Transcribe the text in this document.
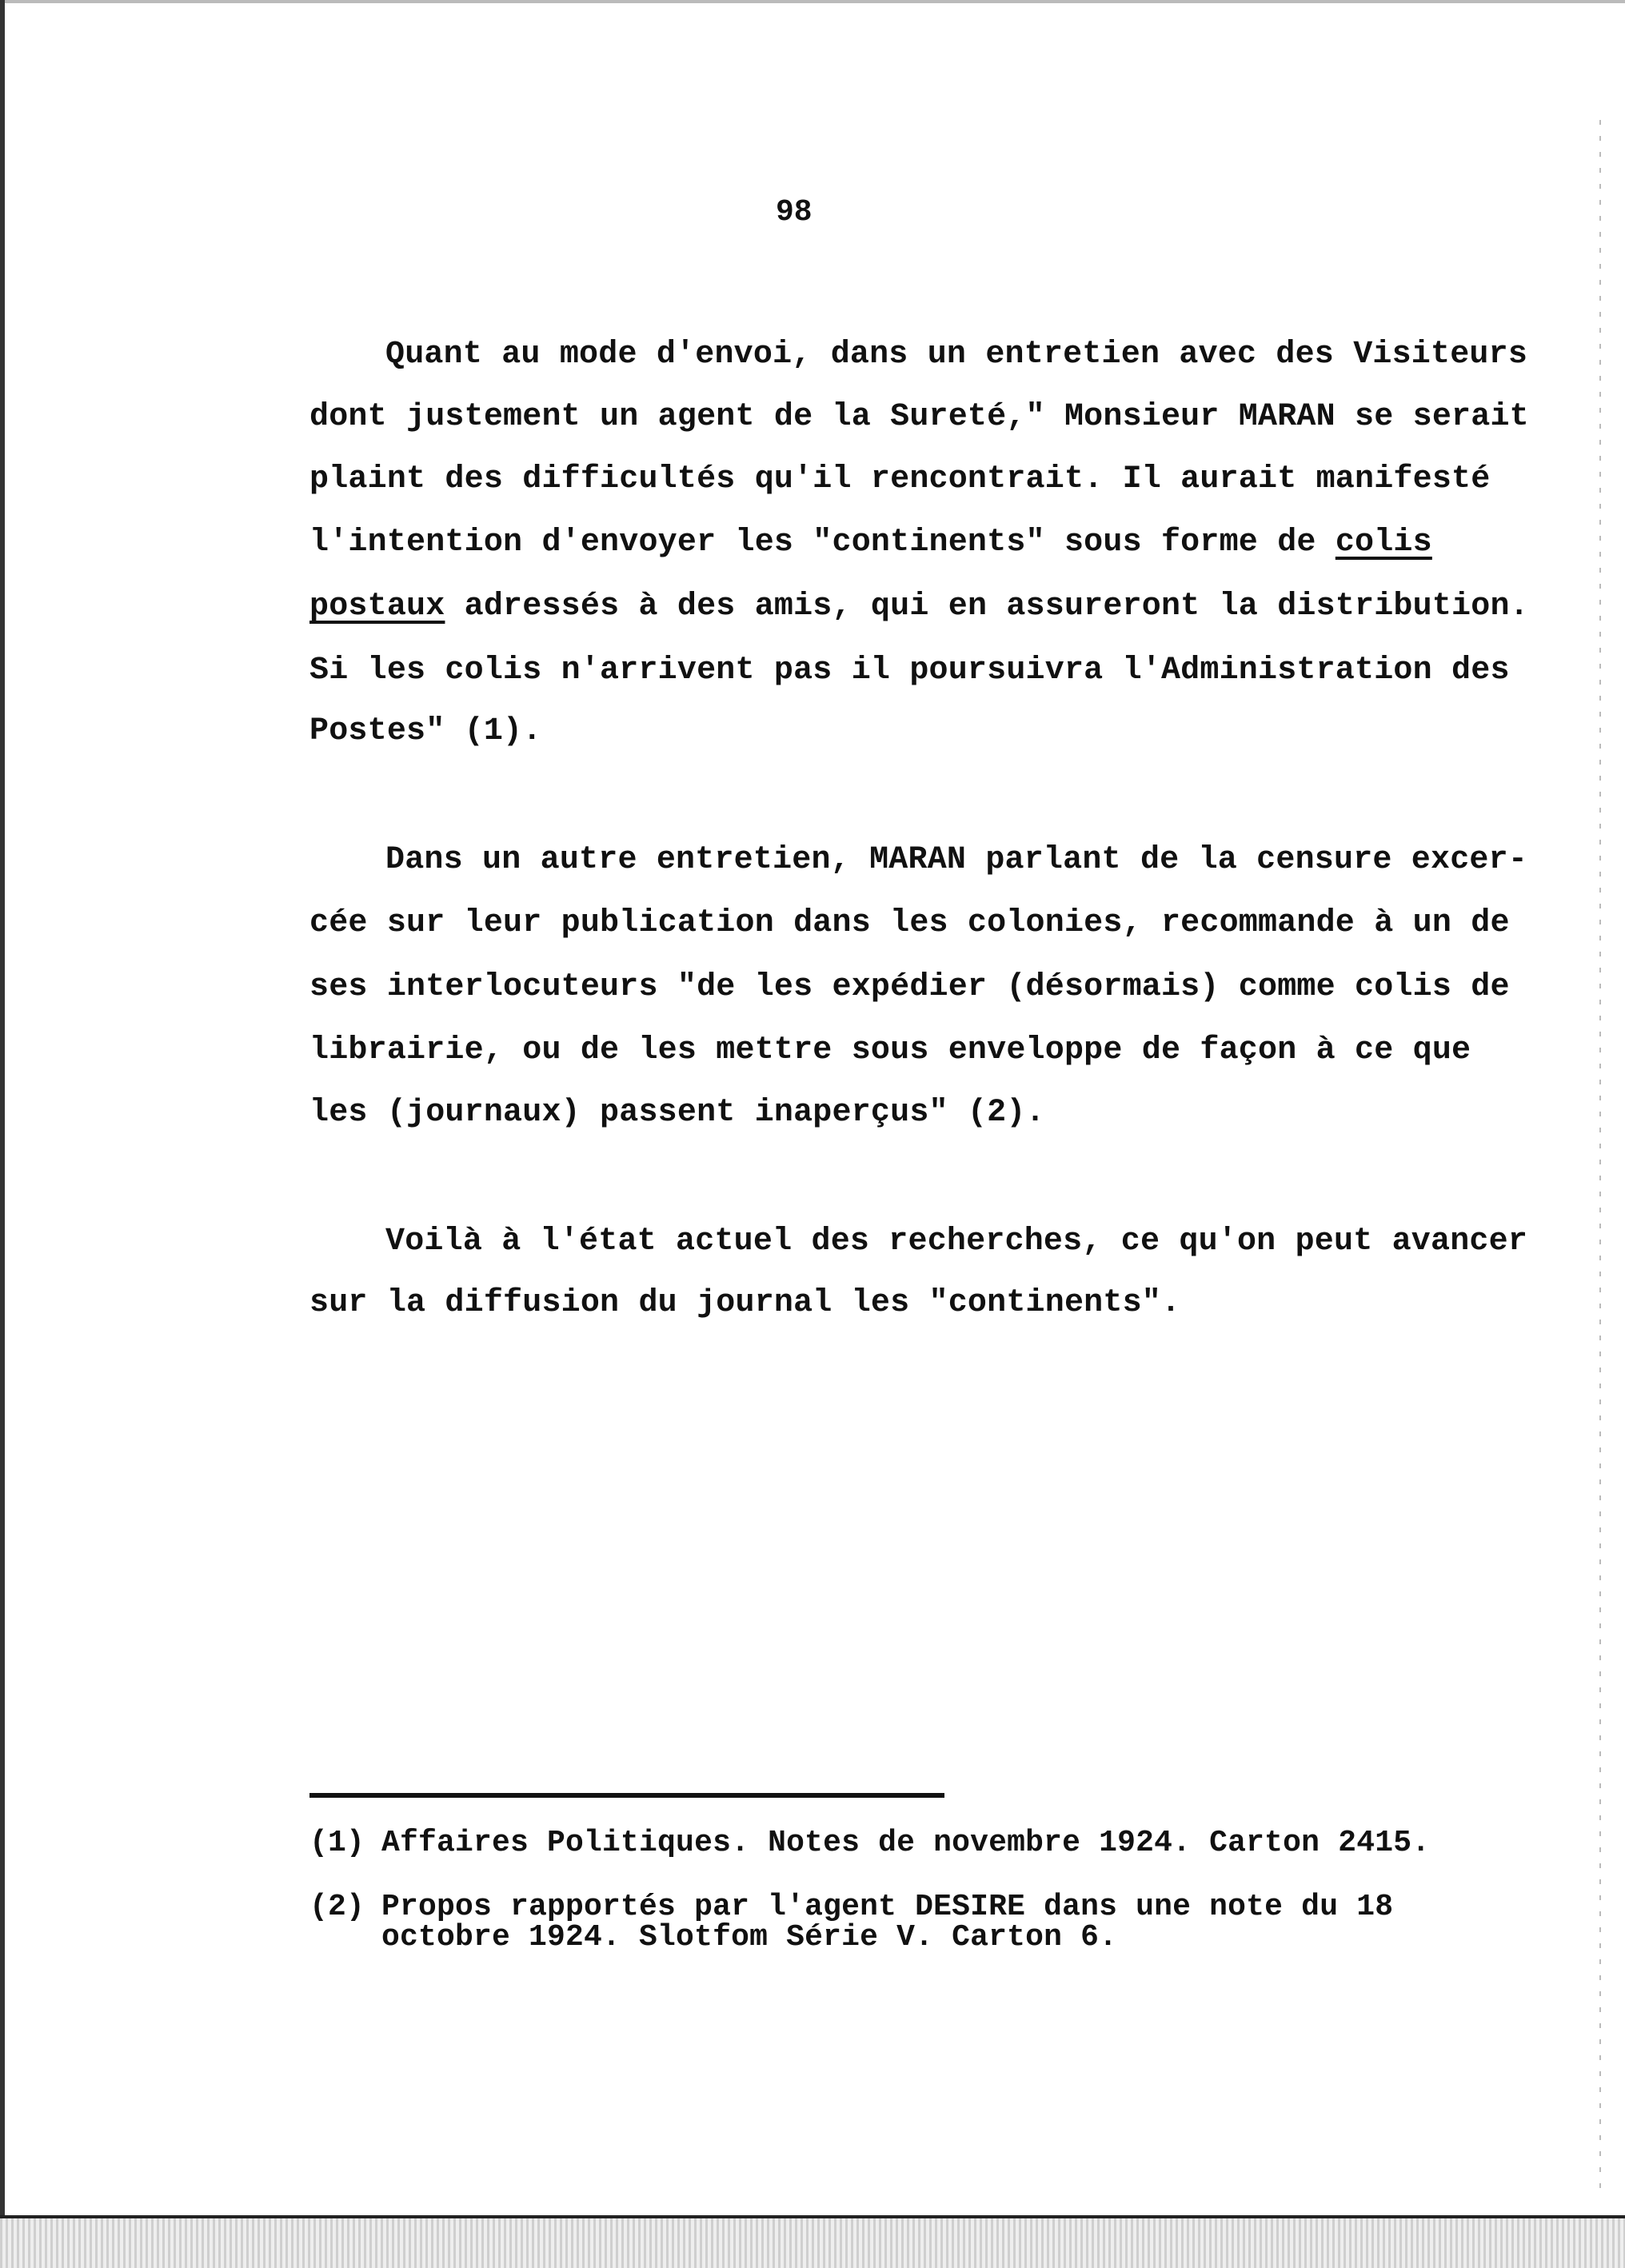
98
Quant au mode d'envoi, dans un entretien avec des Visiteurs
dont justement un agent de la Sureté," Monsieur MARAN se serait
plaint des difficultés qu'il rencontrait. Il aurait manifesté
l'intention d'envoyer les "continents" sous forme de colis
postaux adressés à des amis, qui en assureront la distribution.
Si les colis n'arrivent pas il poursuivra l'Administration des
Postes" (1).
Dans un autre entretien, MARAN parlant de la censure excer-
cée sur leur publication dans les colonies, recommande à un de
ses interlocuteurs "de les expédier (désormais) comme colis de
librairie, ou de les mettre sous enveloppe de façon à ce que
les (journaux) passent inaperçus" (2).
Voilà à l'état actuel des recherches, ce qu'on peut avancer
sur la diffusion du journal les "continents".
(1) Affaires Politiques. Notes de novembre 1924. Carton 2415.
(2) Propos rapportés par l'agent DESIRE dans une note du 18
octobre 1924. Slotfom Série V. Carton 6.
